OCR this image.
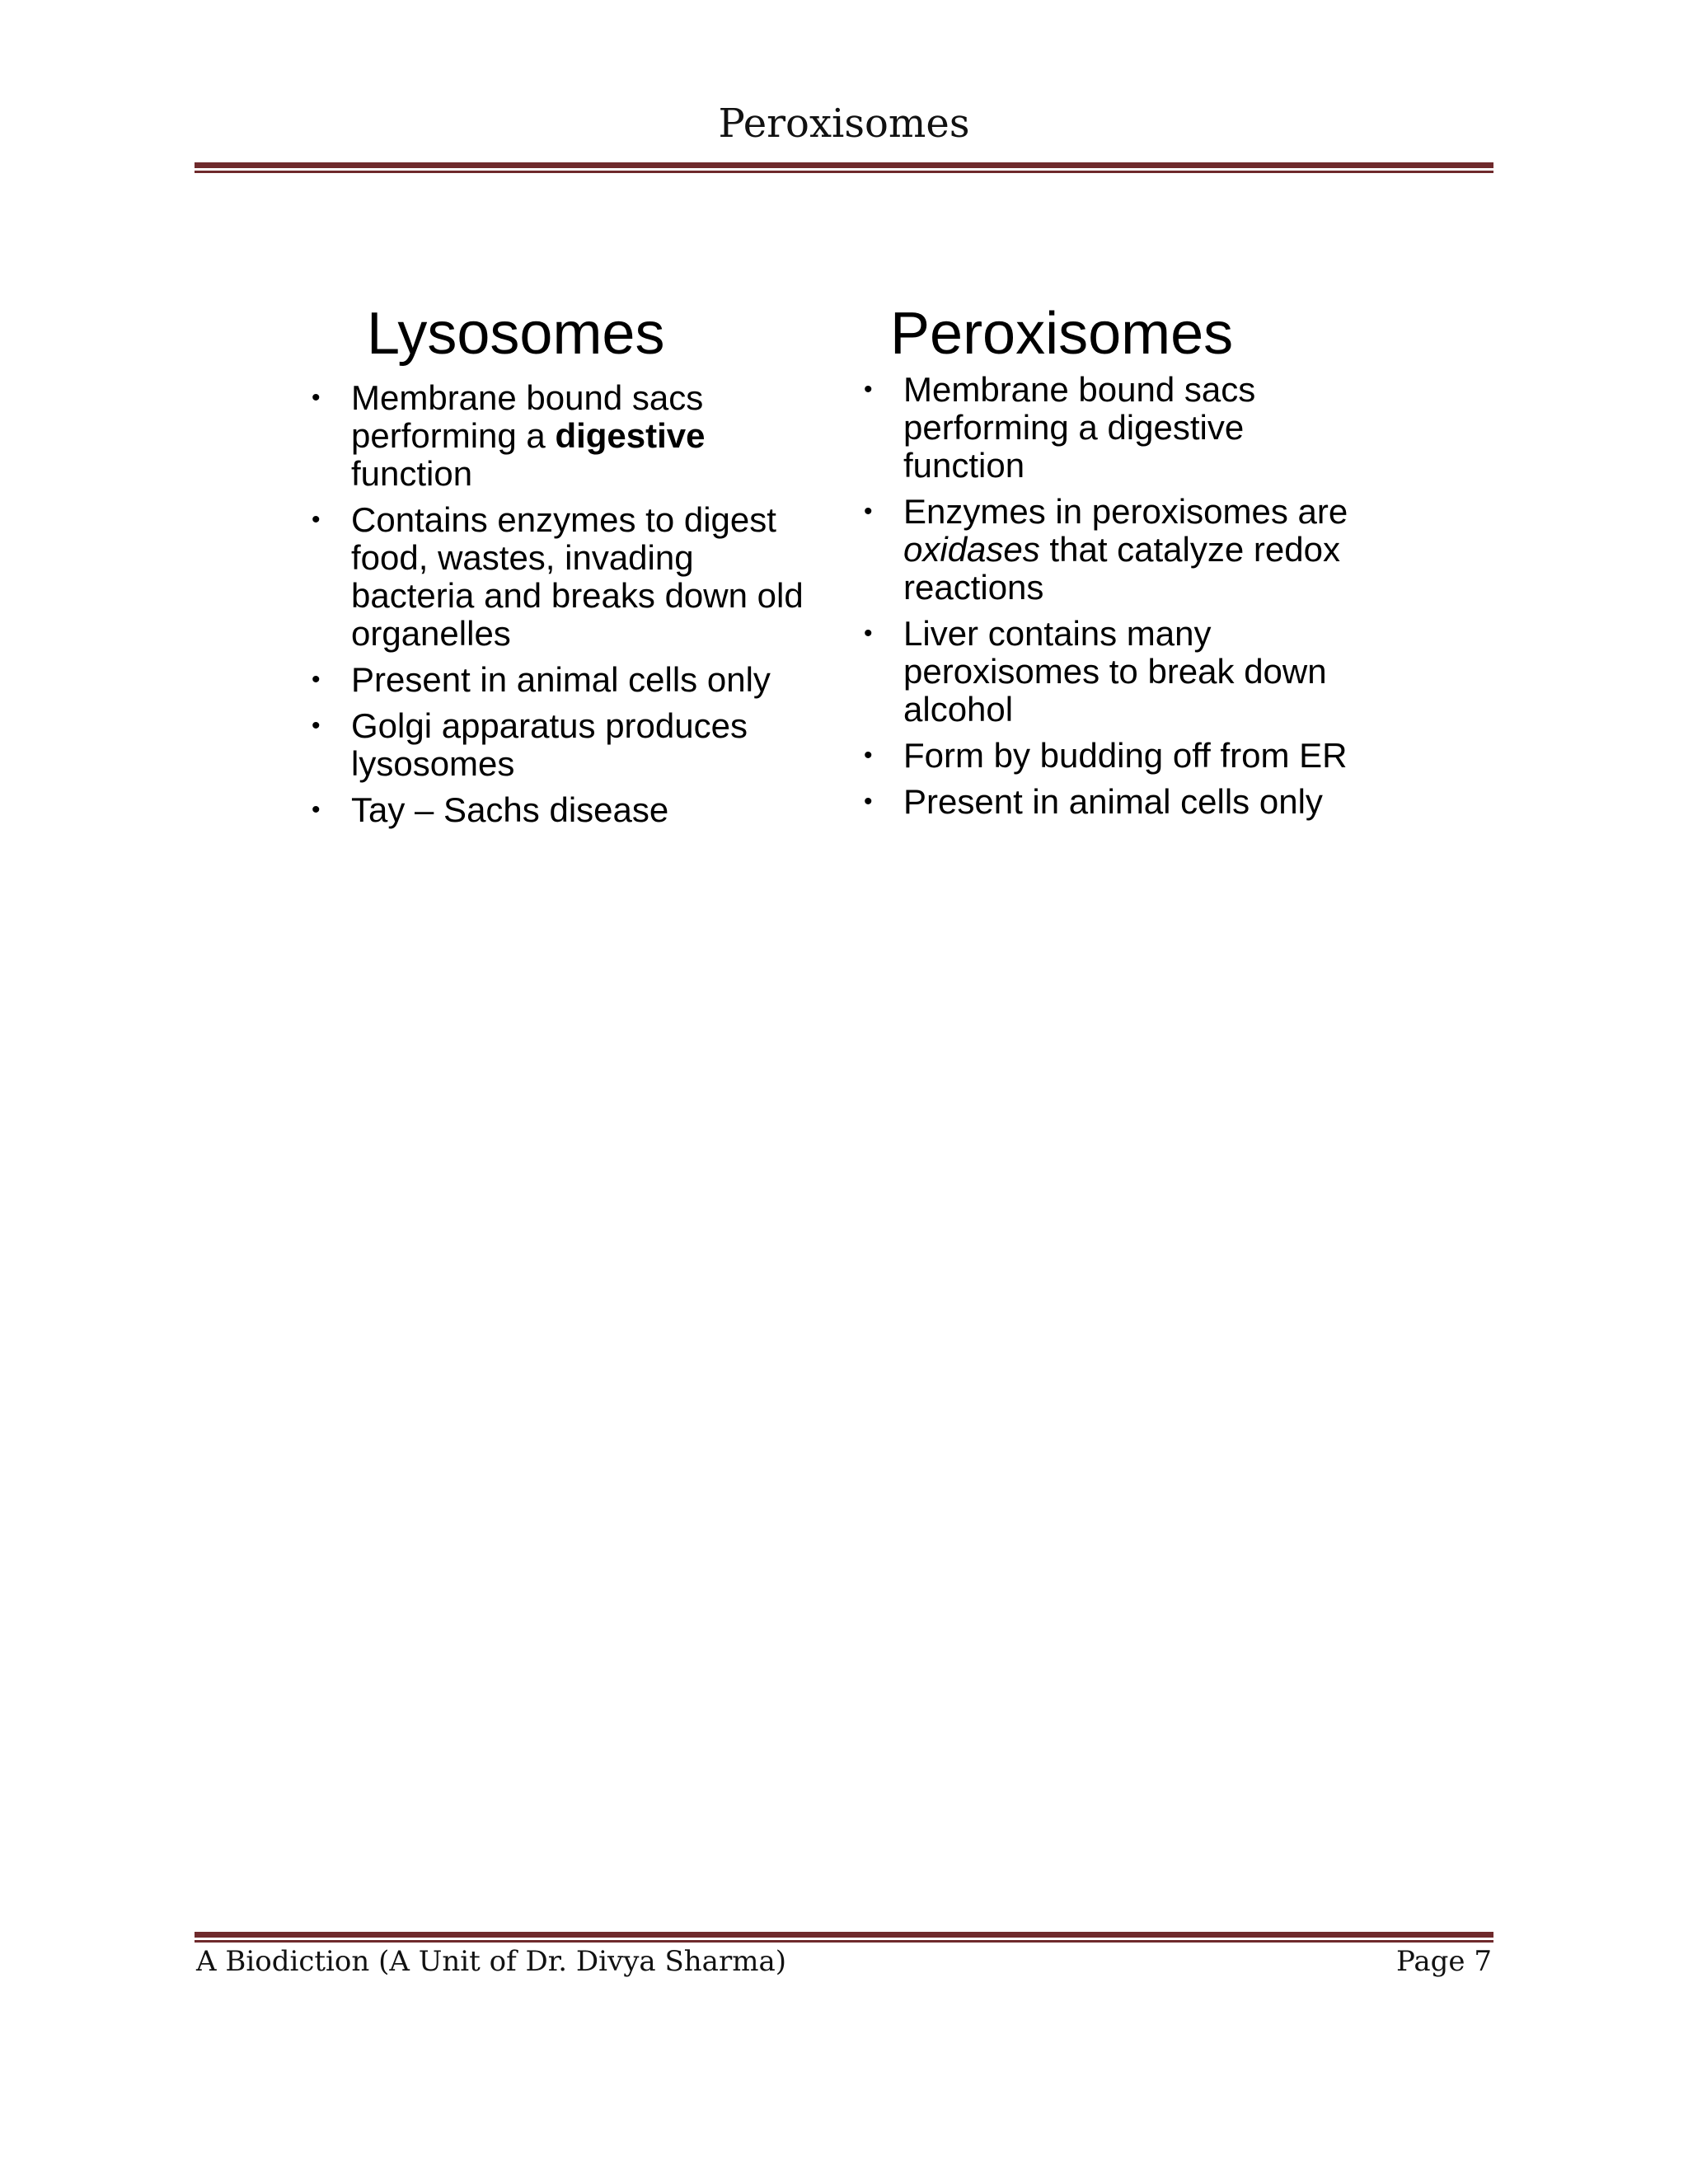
Peroxisomes
Lysosomes	Peroxisomes
• Membrane bound sacs performing a digestive function
• Contains enzymes to digest food, wastes, invading bacteria and breaks down old organelles
• Present in animal cells only
• Golgi apparatus produces lysosomes
• Tay – Sachs disease
• Membrane bound sacs performing a digestive function
• Enzymes in peroxisomes are oxidases that catalyze redox reactions
• Liver contains many peroxisomes to break down alcohol
• Form by budding off from ER
• Present in animal cells only
A Biodiction (A Unit of Dr. Divya Sharma)	Page 7
